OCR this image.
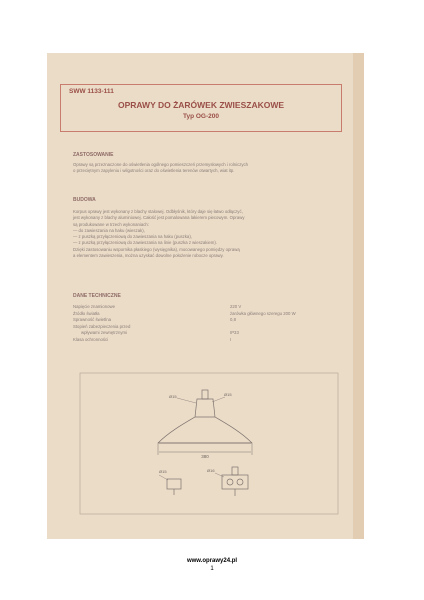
SWW 1133-111
OPRAWY DO ŻARÓWEK ZWIESZAKOWE
Typ OG-200
ZASTOSOWANIE
Oprawy są przeznaczone do oświetlenia ogólnego pomieszczeń przemysłowych i rolniczych
o przeciętnym zapyleniu i wilgotności oraz do oświetlenia terenów otwartych, wiat itp.
BUDOWA
Korpus oprawy jest wykonany z blachy stalowej. Odbłyśnik, który daje się łatwo odłączyć,
jest wykonany z blachy aluminiowej. Całość jest pomalowana lakierem piecowym. Oprawy
są produkowane w trzech wykonaniach:
— do zawieszania na haku (wieszak),
— z puszką przyłączeniową do zawieszania na haku (puszka),
— z puszką przyłączeniową do zawieszania na linie (puszka z wieszakiem).
Dzięki zastosowaniu wspornika płaskiego (wysięgnika), mocowanego pomiędzy oprawą
a elementem zawieszenia, można uzyskać dowolne położenie robocze oprawy.
DANE TECHNICZNE
Napięcie znamionowe	220 V
Źródło światła	żarówka głównego szeregu 200 W
Sprawność świetlna	0,8
Stopień zabezpieczenia przed
wpływami zewnętrznymi	IP33
Klasa ochronności	I
380
Ø15	Ø15
Ø15	Ø16
www.oprawy24.pl
1
